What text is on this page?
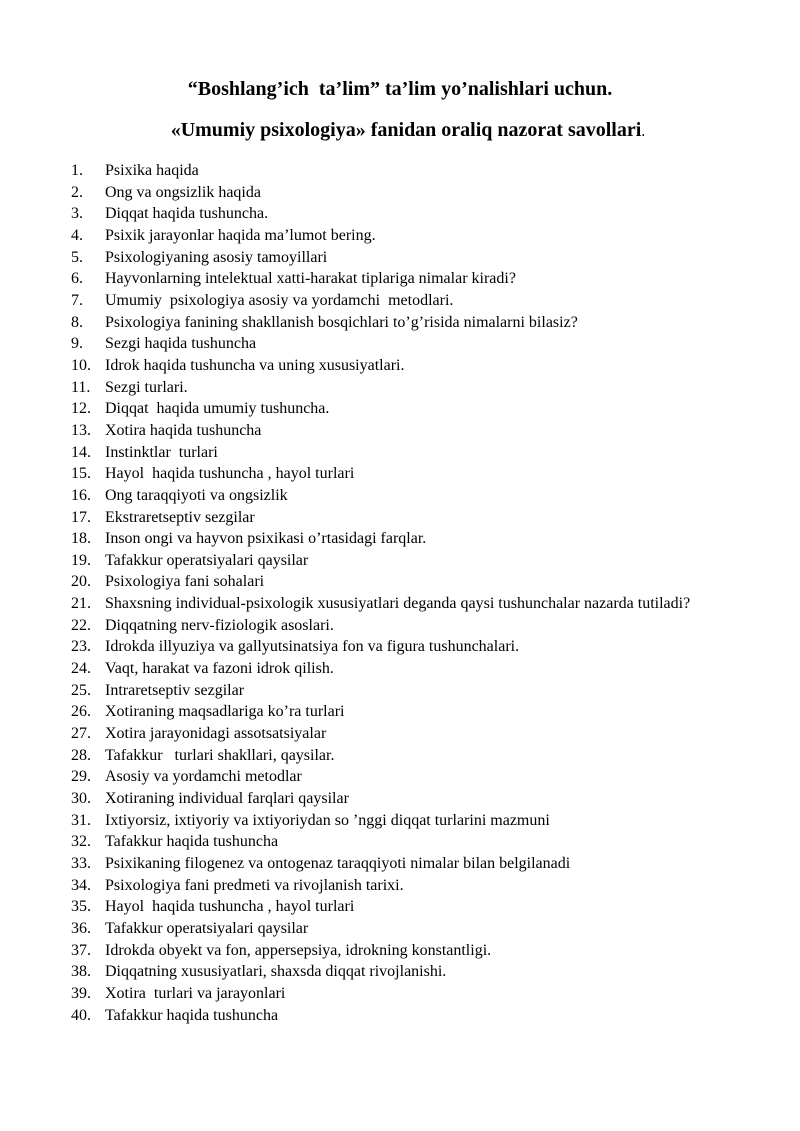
“Boshlang’ich  ta’lim” ta’lim yo’nalishlari uchun.
«Umumiy psixologiya» fanidan oraliq nazorat savollari.
1.	Psixika haqida
2.	Ong va ongsizlik haqida
3.	Diqqat haqida tushuncha.
4.	Psixik jarayonlar haqida ma’lumot bering.
5.	Psixologiyaning asosiy tamoyillari
6.	Hayvonlarning intelektual xatti-harakat tiplariga nimalar kiradi?
7.	Umumiy  psixologiya asosiy va yordamchi  metodlari.
8.	Psixologiya fanining shakllanish bosqichlari to’g’risida nimalarni bilasiz?
9.	Sezgi haqida tushuncha
10. Idrok haqida tushuncha va uning xususiyatlari.
11. Sezgi turlari.
12. Diqqat  haqida umumiy tushuncha.
13. Xotira haqida tushuncha
14. Instinktlar  turlari
15. Hayol  haqida tushuncha , hayol turlari
16. Ong taraqqiyoti va ongsizlik
17. Ekstraretseptiv sezgilar
18. Inson ongi va hayvon psixikasi o’rtasidagi farqlar.
19. Tafakkur operatsiyalari qaysilar
20. Psixologiya fani sohalari
21. Shaxsning individual-psixologik xususiyatlari deganda qaysi tushunchalar nazarda tutiladi?
22. Diqqatning nerv-fiziologik asoslari.
23. Idrokda illyuziya va gallyutsinatsiya fon va figura tushunchalari.
24. Vaqt, harakat va fazoni idrok qilish.
25. Intraretseptiv sezgilar
26. Xotiraning maqsadlariga ko’ra turlari
27. Xotira jarayonidagi assotsatsiyalar
28. Tafakkur   turlari shakllari, qaysilar.
29. Asosiy va yordamchi metodlar
30. Xotiraning individual farqlari qaysilar
31. Ixtiyorsiz, ixtiyoriy va ixtiyoriydan so ’nggi diqqat turlarini mazmuni
32. Tafakkur haqida tushuncha
33. Psixikaning filogenez va ontogenaz taraqqiyoti nimalar bilan belgilanadi
34. Psixologiya fani predmeti va rivojlanish tarixi.
35. Hayol  haqida tushuncha , hayol turlari
36. Tafakkur operatsiyalari qaysilar
37. Idrokda obyekt va fon, appersepsiya, idrokning konstantligi.
38. Diqqatning xususiyatlari, shaxsda diqqat rivojlanishi.
39. Xotira  turlari va jarayonlari
40. Tafakkur haqida tushuncha
